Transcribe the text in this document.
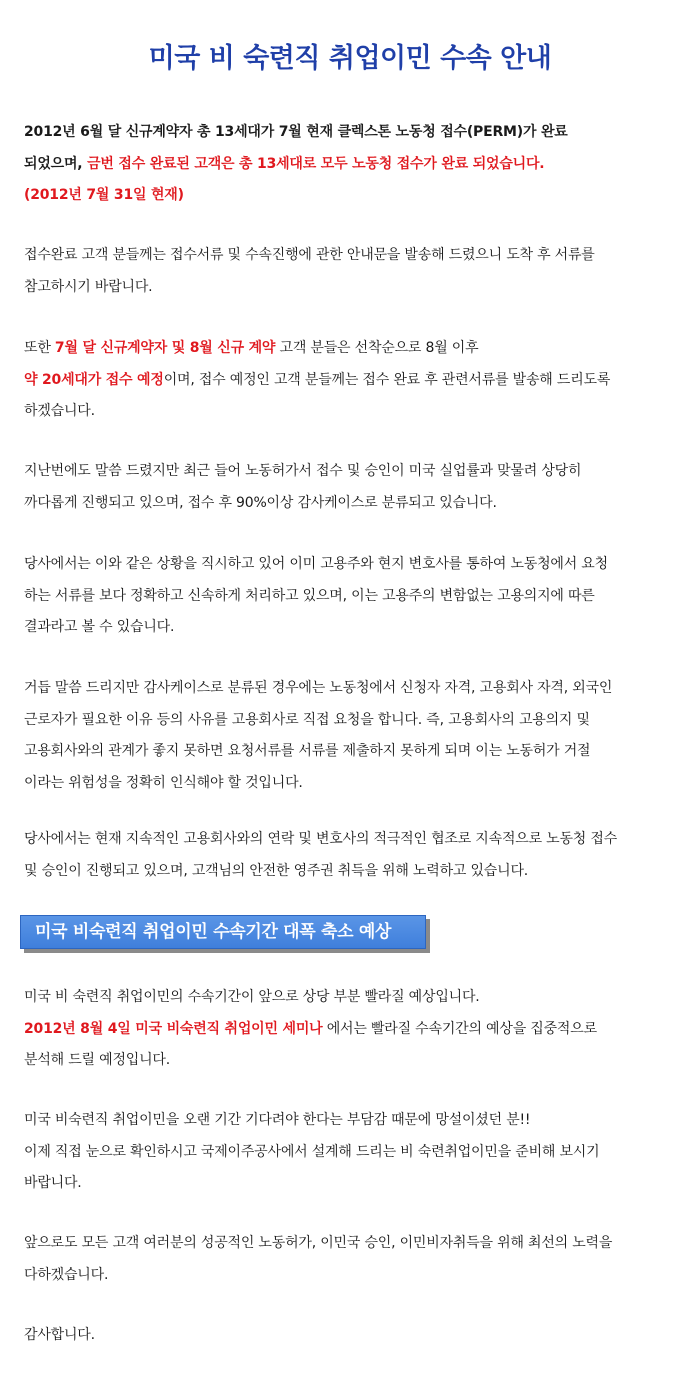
미국 비 숙련직 취업이민 수속 안내
2012년 6월 달 신규계약자 총 13세대가 7월 현재 클렉스톤 노동청 접수(PERM)가 완료
되었으며, 금번 접수 완료된 고객은 총 13세대로 모두 노동청 접수가 완료 되었습니다.
(2012년 7월 31일 현재)
접수완료 고객 분들께는 접수서류 및 수속진행에 관한 안내문을 발송해 드렸으니 도착 후 서류를
참고하시기 바랍니다.
또한 7월 달 신규계약자 및 8월 신규 계약 고객 분들은 선착순으로 8월 이후
약 20세대가 접수 예정이며, 접수 예정인 고객 분들께는 접수 완료 후 관련서류를 발송해 드리도록
하겠습니다.
지난번에도 말씀 드렸지만 최근 들어 노동허가서 접수 및 승인이 미국 실업률과 맞물려 상당히
까다롭게 진행되고 있으며, 접수 후 90%이상 감사케이스로 분류되고 있습니다.
당사에서는 이와 같은 상황을 직시하고 있어 이미 고용주와 현지 변호사를 통하여 노동청에서 요청
하는 서류를 보다 정확하고 신속하게 처리하고 있으며, 이는 고용주의 변함없는 고용의지에 따른
결과라고 볼 수 있습니다.
거듭 말씀 드리지만 감사케이스로 분류된 경우에는 노동청에서 신청자 자격, 고용회사 자격, 외국인
근로자가 필요한 이유 등의 사유를 고용회사로 직접 요청을 합니다. 즉, 고용회사의 고용의지 및
고용회사와의 관계가 좋지 못하면 요청서류를 서류를 제출하지 못하게 되며 이는 노동허가 거절
이라는 위험성을 정확히 인식해야 할 것입니다.
당사에서는 현재 지속적인 고용회사와의 연락 및 변호사의 적극적인 협조로 지속적으로 노동청 접수
및 승인이 진행되고 있으며, 고객님의 안전한 영주권 취득을 위해 노력하고 있습니다.
미국 비숙련직 취업이민 수속기간 대폭 축소 예상
미국 비 숙련직 취업이민의 수속기간이 앞으로 상당 부분 빨라질 예상입니다.
2012년 8월 4일 미국 비숙련직 취업이민 세미나 에서는 빨라질 수속기간의 예상을 집중적으로
분석해 드릴 예정입니다.
미국 비숙련직 취업이민을 오랜 기간 기다려야 한다는 부담감 때문에 망설이셨던 분!!
이제 직접 눈으로 확인하시고 국제이주공사에서 설계해 드리는 비 숙련취업이민을 준비해 보시기
바랍니다.
앞으로도 모든 고객 여러분의 성공적인 노동허가, 이민국 승인, 이민비자취득을 위해 최선의 노력을
다하겠습니다.
감사합니다.
